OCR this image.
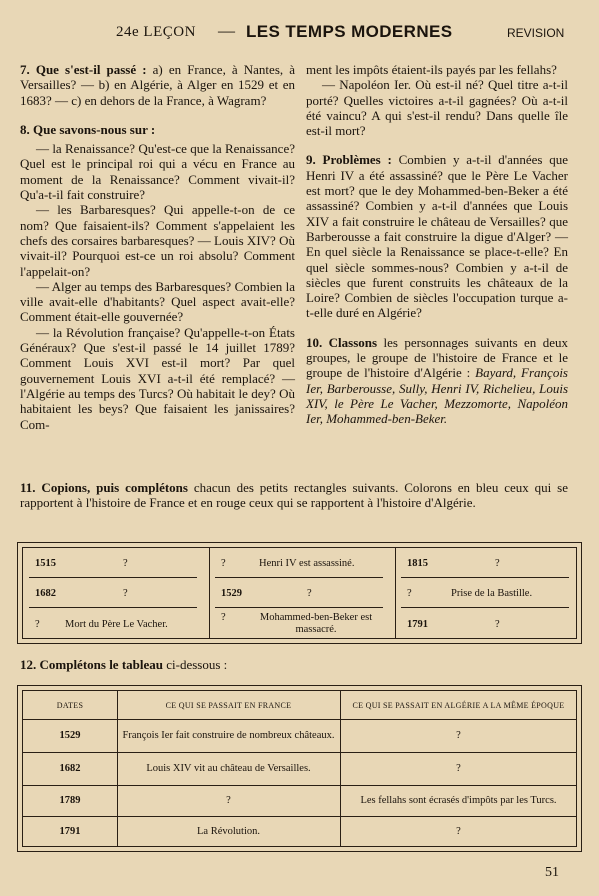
24e LEÇON — LES TEMPS MODERNES	REVISION

7. Que s'est-il passé : a) en France, à Nantes, à Versailles? — b) en Algérie, à Alger en 1529 et en 1683? — c) en dehors de la France, à Wagram?

8. Que savons-nous sur :

— la Renaissance? Qu'est-ce que la Renaissance? Quel est le principal roi qui a vécu en France au moment de la Renaissance? Comment vivait-il? Qu'a-t-il fait construire?

— les Barbaresques? Qui appelle-t-on de ce nom? Que faisaient-ils? Comment s'appelaient les chefs des corsaires barbaresques? — Louis XIV? Où vivait-il? Pourquoi est-ce un roi absolu? Comment l'appelait-on?

— Alger au temps des Barbaresques? Combien la ville avait-elle d'habitants? Quel aspect avait-elle? Comment était-elle gouvernée?

— la Révolution française? Qu'appelle-t-on États Généraux? Que s'est-il passé le 14 juillet 1789? Comment Louis XVI est-il mort? Par quel gouvernement Louis XVI a-t-il été remplacé? — l'Algérie au temps des Turcs? Où habitait le dey? Où habitaient les beys? Que faisaient les janissaires? Com-

ment les impôts étaient-ils payés par les fellahs?

— Napoléon Ier. Où est-il né? Quel titre a-t-il porté? Quelles victoires a-t-il gagnées? Où a-t-il été vaincu? A qui s'est-il rendu? Dans quelle île est-il mort?

9. Problèmes : Combien y a-t-il d'années que Henri IV a été assassiné? que le Père Le Vacher est mort? que le dey Mohammed-ben-Beker a été assassiné? Combien y a-t-il d'années que Louis XIV a fait construire le château de Versailles? que Barberousse a fait construire la digue d'Alger? — En quel siècle la Renaissance se place-t-elle? En quel siècle sommes-nous? Combien y a-t-il de siècles que furent construits les châteaux de la Loire? Combien de siècles l'occupation turque a-t-elle duré en Algérie?

10. Classons les personnages suivants en deux groupes, le groupe de l'histoire de France et le groupe de l'histoire d'Algérie : Bayard, François Ier, Barberousse, Sully, Henri IV, Richelieu, Louis XIV, le Père Le Vacher, Mezzomorte, Napoléon Ier, Mohammed-ben-Beker.

11. Copions, puis complétons chacun des petits rectangles suivants. Colorons en bleu ceux qui se rapportent à l'histoire de France et en rouge ceux qui se rapportent à l'histoire d'Algérie.

1515	?
1682	?
? Mort du Père Le Vacher.
?	Henri IV est assassiné.
1529	?
?	Mohammed-ben-Beker est massacré.
1815	?
?	Prise de la Bastille.
1791	?
12. Complétons le tableau ci-dessous :
DATES	CE QUI SE PASSAIT EN FRANCE	CE QUI SE PASSAIT EN ALGÉRIE A LA MÊME ÉPOQUE
1529	François Ier fait construire de nombreux châteaux.	?
1682	Louis XIV vit au château de Versailles.	?
1789	?	Les fellahs sont écrasés d'impôts par les Turcs.
1791	La Révolution.	?
51
